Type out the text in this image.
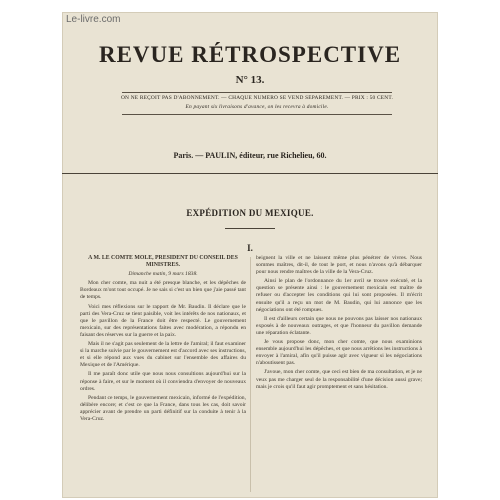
Le-livre.com
REVUE RÉTROSPECTIVE
N° 13.
ON NE REÇOIT PAS D'ABONNEMENT. — CHAQUE NUMÉRO SE VEND SÉPARÉMENT. — PRIX : 50 CENT.
En payant six livraisons d'avance, on les recevra à domicile.
Paris. — PAULIN, éditeur, rue Richelieu, 60.
EXPÉDITION DU MEXIQUE.
I.
A M. LE COMTE MOLÉ, PRÉSIDENT DU CONSEIL DES MINISTRES.
Dimanche matin, 9 mars 1838.

Mon cher comte, ma nuit a été presque blanche, et les dépêches de Bordeaux m'ont tout occupé. Je ne sais si c'est un bien que j'aie passé tant de temps.

Voici mes réflexions sur le rapport de Mr. Baudin. Il déclare que le parti des Vera-Cruz se tient paisible, voit les intérêts de nos nationaux, et que le pavillon de la France doit être respecté. Le gouvernement mexicain, sur des représentations faites avec modération, a répondu en faisant des réserves sur la guerre et la paix.

Mais il ne s'agit pas seulement de la lettre de l'amiral; il faut examiner si la marche suivie par le gouvernement est d'accord avec ses instructions, et si elle répond aux vues du cabinet sur l'ensemble des affaires du Mexique et de l'Amérique.

Il me paraît donc utile que nous nous consultions aujourd'hui sur la réponse à faire, et sur le moment où il conviendra d'envoyer de nouveaux ordres.

Pendant ce temps, le gouvernement mexicain, informé de l'expédition, délibère encore; et c'est ce que la France, dans tous les cas, doit savoir apprécier avant de prendre un parti définitif sur la conduite à tenir à la Vera-Cruz.

beignent la ville et ne laissent même plus pénétrer de vivres. Nous sommes maîtres, dit-il, de tout le port, et nous n'avons qu'à débarquer pour nous rendre maîtres de la ville de la Vera-Cruz.

Ainsi le plan de l'ordonnance du 1er avril se trouve exécuté, et la question se présente ainsi : le gouvernement mexicain est maître de refuser ou d'accepter les conditions qui lui sont proposées. Il m'écrit ensuite qu'il a reçu un mot de M. Baudin, qui lui annonce que les négociations ont été rompues.

Il est d'ailleurs certain que nous ne pouvons pas laisser nos nationaux exposés à de nouveaux outrages, et que l'honneur du pavillon demande une réparation éclatante.

Je vous propose donc, mon cher comte, que nous examinions ensemble aujourd'hui les dépêches, et que nous arrêtions les instructions à envoyer à l'amiral, afin qu'il puisse agir avec vigueur si les négociations n'aboutissent pas.

J'avoue, mon cher comte, que ceci est bien de ma consultation, et je ne veux pas me charger seul de la responsabilité d'une décision aussi grave; mais je crois qu'il faut agir promptement et sans hésitation.
